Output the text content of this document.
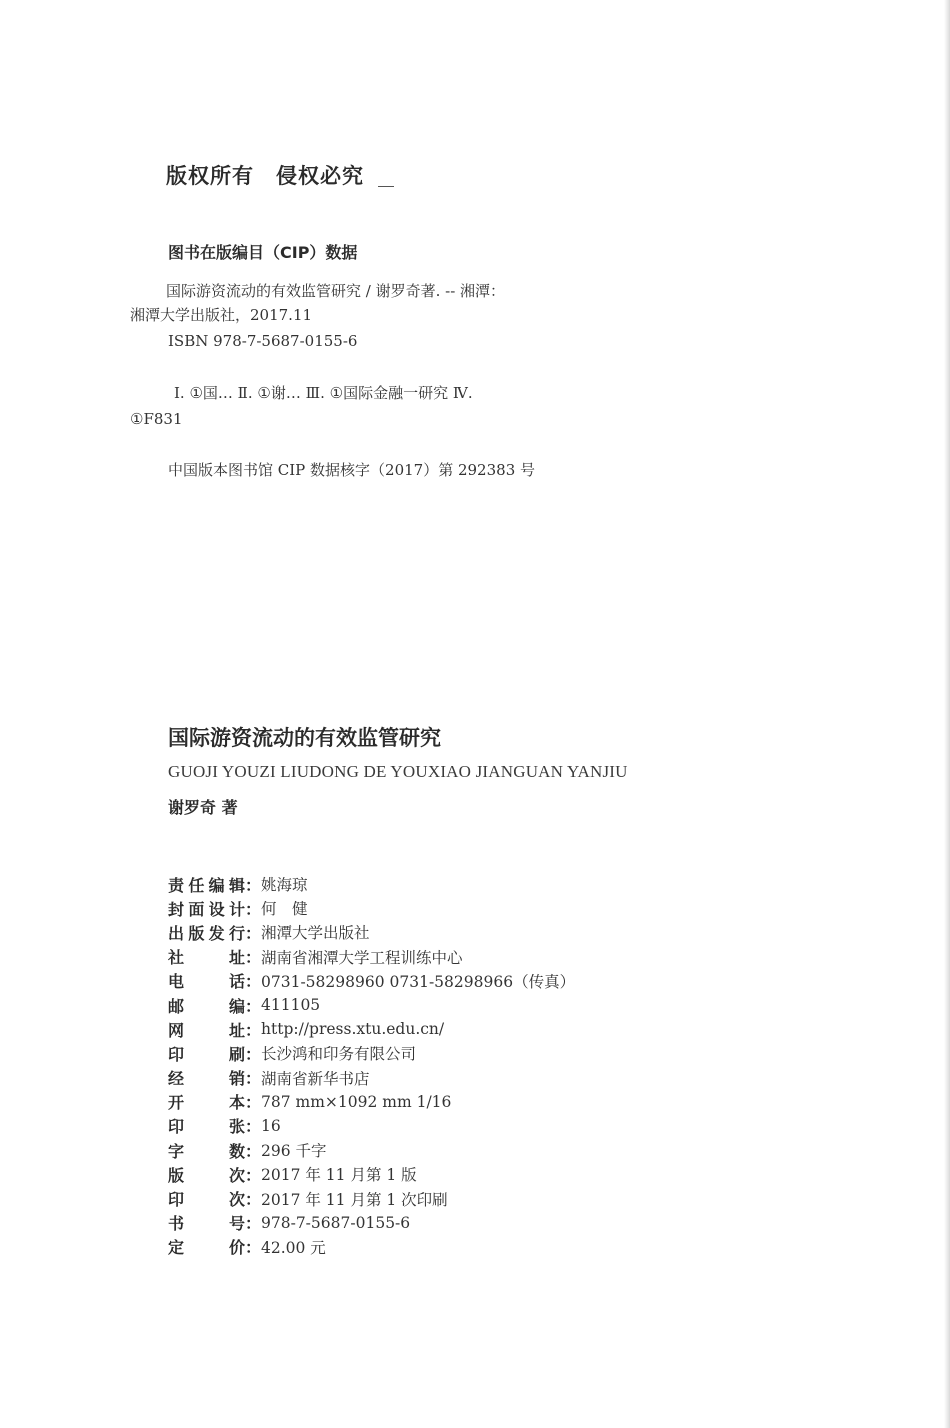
版权所有　侵权必究
图书在版编目（CIP）数据
国际游资流动的有效监管研究 / 谢罗奇著. -- 湘潭：
湘潭大学出版社，2017.11
ISBN 978-7-5687-0155-6
Ⅰ. ①国… Ⅱ. ①谢… Ⅲ. ①国际金融一研究 Ⅳ.
①F831
中国版本图书馆 CIP 数据核字（2017）第 292383 号
国际游资流动的有效监管研究
GUOJI YOUZI LIUDONG DE YOUXIAO JIANGUAN YANJIU
谢罗奇 著
责 任 编 辑： 姚海琼
封 面 设 计： 何　健
出 版 发 行： 湘潭大学出版社
社	址： 湖南省湘潭大学工程训练中心
电	话： 0731-58298960 0731-58298966（传真）
邮	编： 411105
网	址： http://press.xtu.edu.cn/
印	刷： 长沙鸿和印务有限公司
经	销： 湖南省新华书店
开	本： 787 mm×1092 mm 1/16
印	张： 16
字	数： 296 千字
版	次： 2017 年 11 月第 1 版
印	次： 2017 年 11 月第 1 次印刷
书	号： 978-7-5687-0155-6
定	价： 42.00 元
